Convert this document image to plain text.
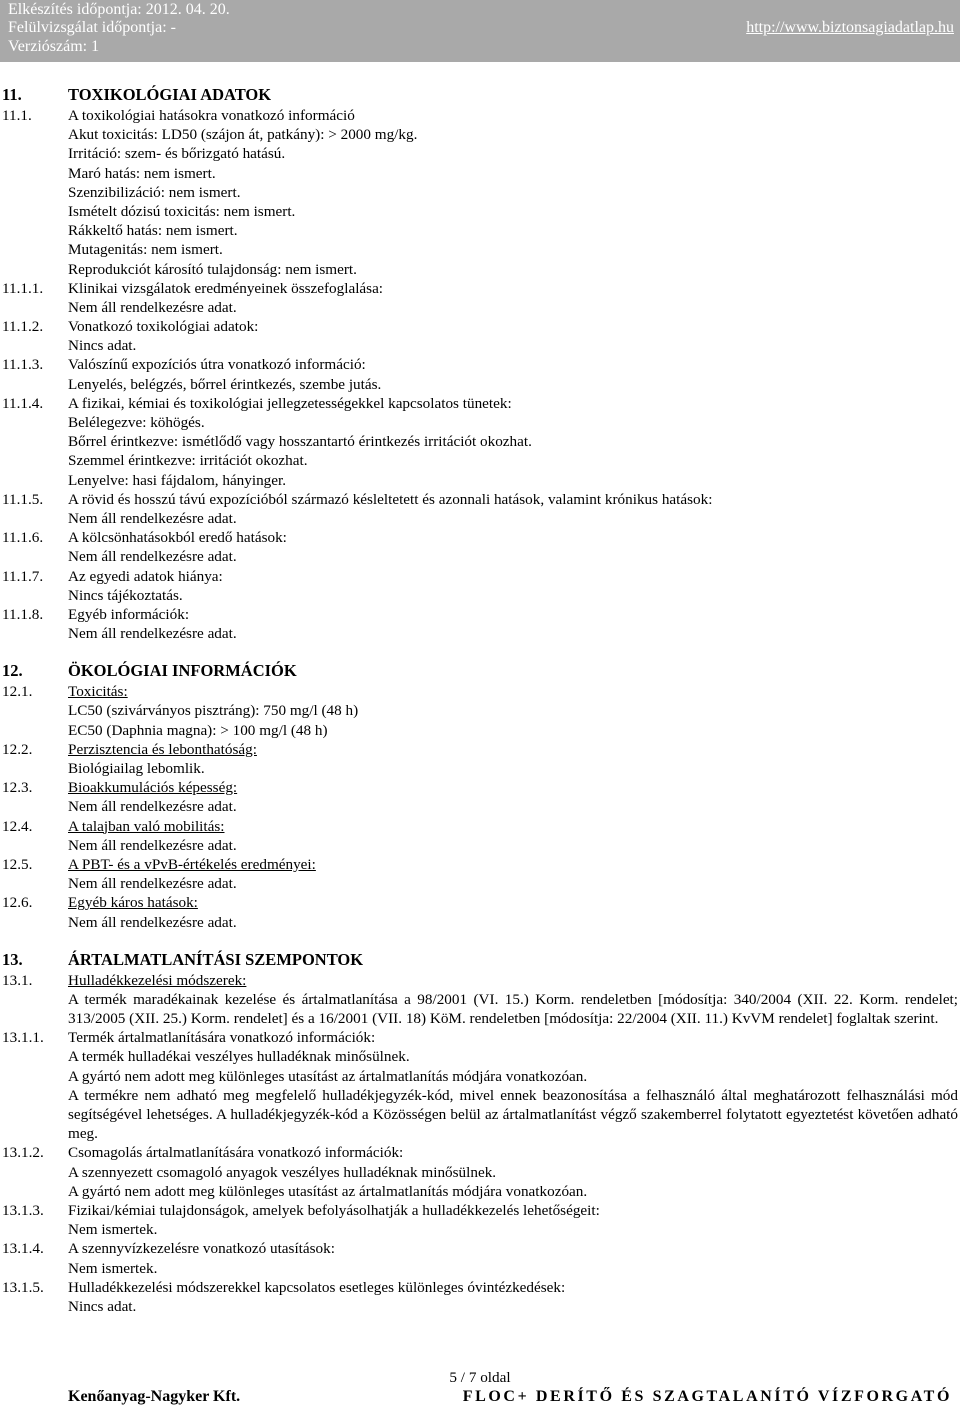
Elkészítés időpontja: 2012. 04. 20.
Felülvizsgálat időpontja: -
Verziószám: 1
http://www.biztonsagiadatlap.hu
11.	TOXIKOLÓGIAI ADATOK
11.1. A toxikológiai hatásokra vonatkozó információ
Akut toxicitás: LD50 (szájon át, patkány): > 2000 mg/kg.
Irritáció: szem- és bőrizgató hatású.
Maró hatás: nem ismert.
Szenzibilizáció: nem ismert.
Ismételt dózisú toxicitás: nem ismert.
Rákkeltő hatás: nem ismert.
Mutagenitás: nem ismert.
Reprodukciót károsító tulajdonság: nem ismert.
11.1.1. Klinikai vizsgálatok eredményeinek összefoglalása:
Nem áll rendelkezésre adat.
11.1.2. Vonatkozó toxikológiai adatok:
Nincs adat.
11.1.3. Valószínű expozíciós útra vonatkozó információ:
Lenyelés, belégzés, bőrrel érintkezés, szembe jutás.
11.1.4. A fizikai, kémiai és toxikológiai jellegzetességekkel kapcsolatos tünetek:
Belélegezve: köhögés.
Bőrrel érintkezve: ismétlődő vagy hosszantartó érintkezés irritációt okozhat.
Szemmel érintkezve: irritációt okozhat.
Lenyelve: hasi fájdalom, hányinger.
11.1.5. A rövid és hosszú távú expozícióból származó késleltetett és azonnali hatások, valamint krónikus hatások:
Nem áll rendelkezésre adat.
11.1.6. A kölcsönhatásokból eredő hatások:
Nem áll rendelkezésre adat.
11.1.7. Az egyedi adatok hiánya:
Nincs tájékoztatás.
11.1.8. Egyéb információk:
Nem áll rendelkezésre adat.
12.	ÖKOLÓGIAI INFORMÁCIÓK
12.1. Toxicitás:
LC50 (szivárványos pisztráng): 750 mg/l (48 h)
EC50 (Daphnia magna): > 100 mg/l (48 h)
12.2. Perzisztencia és lebonthatóság:
Biológiailag lebomlik.
12.3. Bioakkumulációs képesség:
Nem áll rendelkezésre adat.
12.4. A talajban való mobilitás:
Nem áll rendelkezésre adat.
12.5. A PBT- és a vPvB-értékelés eredményei:
Nem áll rendelkezésre adat.
12.6. Egyéb káros hatások:
Nem áll rendelkezésre adat.
13.	ÁRTALMATLANÍTÁSI SZEMPONTOK
13.1. Hulladékkezelési módszerek:
A termék maradékainak kezelése és ártalmatlanítása a 98/2001 (VI. 15.) Korm. rendeletben [módosítja: 340/2004 (XII. 22. Korm. rendelet; 313/2005 (XII. 25.) Korm. rendelet] és a 16/2001 (VII. 18) KöM. rendeletben [módosítja: 22/2004 (XII. 11.) KvVM rendelet] foglaltak szerint.
13.1.1. Termék ártalmatlanítására vonatkozó információk:
A termék hulladékai veszélyes hulladéknak minősülnek.
A gyártó nem adott meg különleges utasítást az ártalmatlanítás módjára vonatkozóan.
A termékre nem adható meg megfelelő hulladékjegyzék-kód, mivel ennek beazonosítása a felhasználó által meghatározott felhasználási mód segítségével lehetséges. A hulladékjegyzék-kód a Közösségen belül az ártalmatlanítást végző szakemberrel folytatott egyeztetést követően adható meg.
13.1.2. Csomagolás ártalmatlanítására vonatkozó információk:
A szennyezett csomagoló anyagok veszélyes hulladéknak minősülnek.
A gyártó nem adott meg különleges utasítást az ártalmatlanítás módjára vonatkozóan.
13.1.3. Fizikai/kémiai tulajdonságok, amelyek befolyásolhatják a hulladékkezelés lehetőségeit:
Nem ismertek.
13.1.4. A szennyvízkezelésre vonatkozó utasítások:
Nem ismertek.
13.1.5. Hulladékkezelési módszerekkel kapcsolatos esetleges különleges óvintézkedések:
Nincs adat.
5 / 7 oldal
Kenőanyag-Nagyker Kft.	FLOC+ DERÍTŐ ÉS SZAGTALANÍTÓ VÍZFORGATÓ
